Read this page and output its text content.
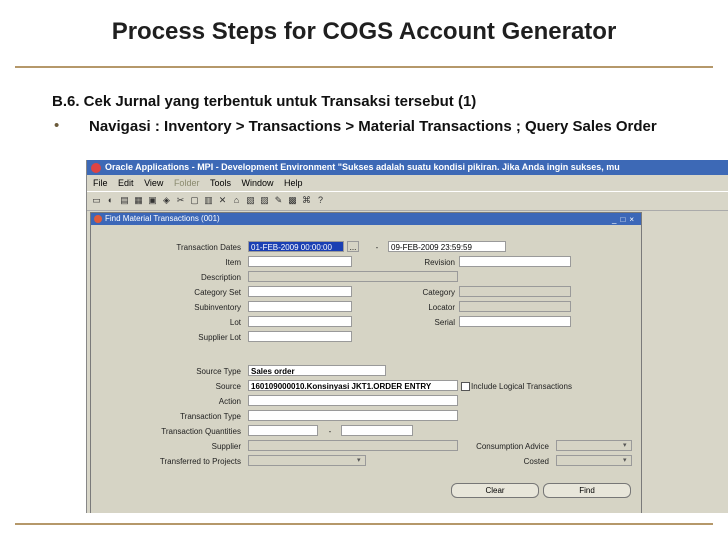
Process Steps for COGS Account Generator
B.6. Cek Jurnal yang terbentuk untuk Transaksi tersebut (1)
• Navigasi : Inventory > Transactions > Material Transactions ; Query Sales Order
Oracle Applications - MPI - Development Environment "Sukses adalah suatu kondisi pikiran. Jika Anda ingin sukses, mu
File Edit View Folder Tools Window Help
▭ ◐ ▤ ▦ ▣ ◈ ✂ ▢ ▥ ✕ ⌂ ▧ ▨ ✎ ▩ ⌘ ?
Find Material Transactions (001)	_□×
Transaction Dates	01-FEB-2009 00:00:00	...	-	09-FEB-2009 23:59:59
Item	Revision
Description
Category Set	Category
Subinventory	Locator
Lot	Serial
Supplier Lot
Source Type	Sales order
Source	160109000010.Konsinyasi JKT1.ORDER ENTRY	Include Logical Transactions
Action
Transaction Type
Transaction Quantities	-
Supplier	Consumption Advice	▾
Transferred to Projects	▾	Costed	▾
Clear	Find
